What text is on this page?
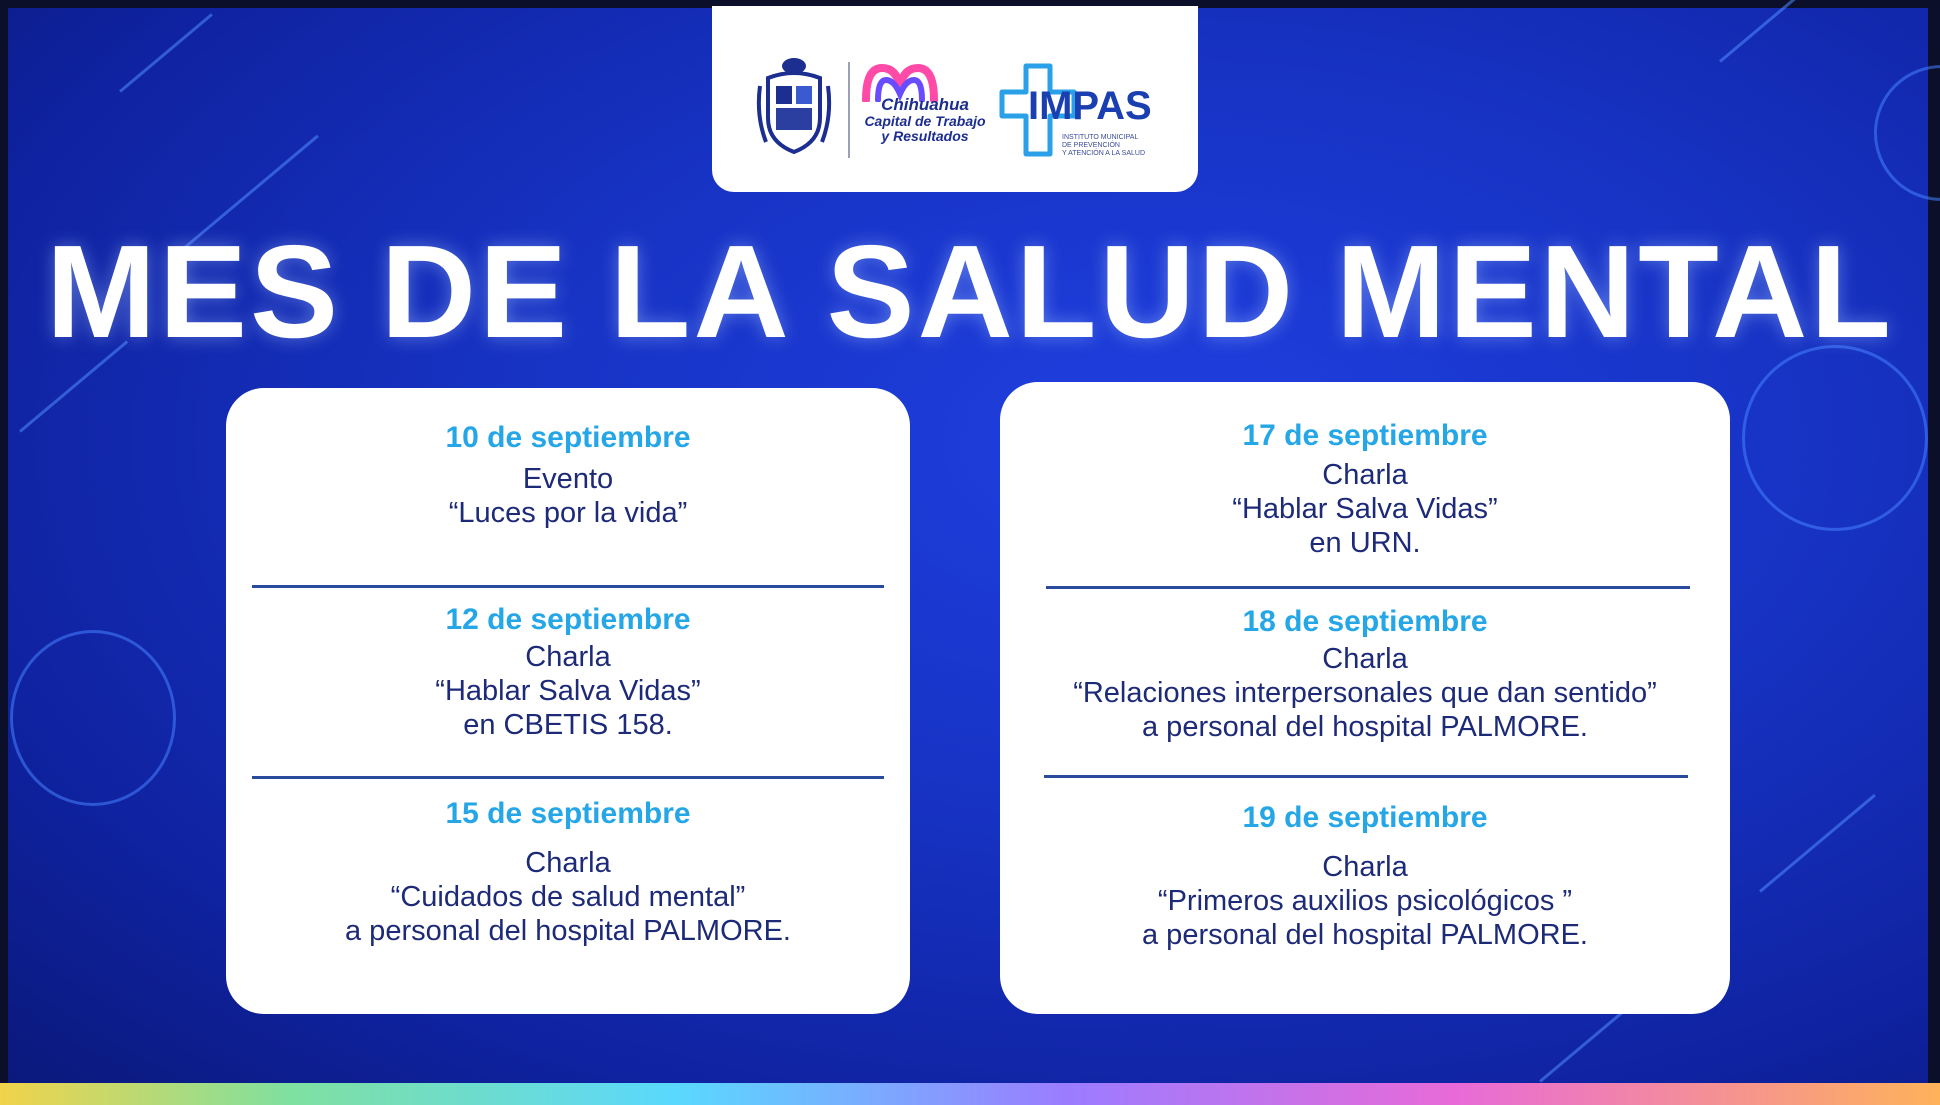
Chihuahua
Capital de Trabajo
y Resultados
IMPAS
INSTITUTO MUNICIPAL
DE PREVENCIÓN
Y ATENCIÓN A LA SALUD
MES DE LA SALUD MENTAL
10 de septiembre
Evento
“Luces por la vida”
12 de septiembre
Charla
“Hablar Salva Vidas”
en CBETIS 158.
15 de septiembre
Charla
“Cuidados de salud mental”
a personal del hospital PALMORE.
17 de septiembre
Charla
“Hablar Salva Vidas”
en URN.
18 de septiembre
Charla
“Relaciones interpersonales que dan sentido”
a personal del hospital PALMORE.
19 de septiembre
Charla
“Primeros auxilios psicológicos ”
a personal del hospital PALMORE.
